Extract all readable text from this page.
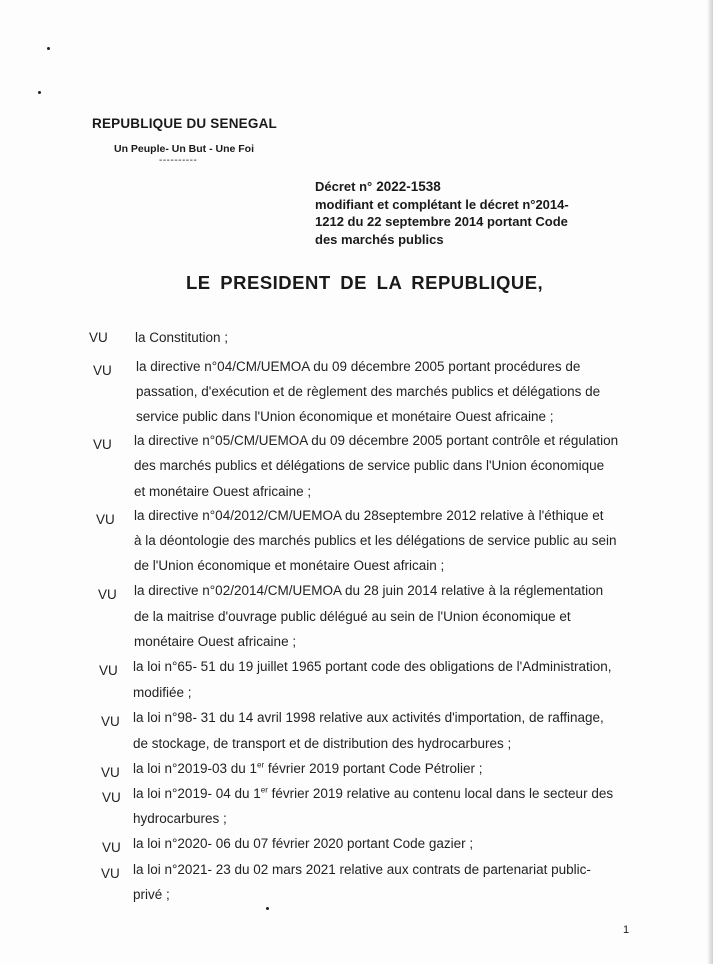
REPUBLIQUE DU SENEGAL
Un Peuple- Un But - Une Foi
----------
Décret n° 2022-1538
modifiant et complétant le décret n°2014-
1212 du 22 septembre 2014 portant Code
des marchés publics
LE PRESIDENT DE LA REPUBLIQUE,
VU la Constitution ;
VU la directive n°04/CM/UEMOA du 09 décembre 2005 portant procédures de
passation, d'exécution et de règlement des marchés publics et délégations de
service public dans l'Union économique et monétaire Ouest africaine ;
VU la directive n°05/CM/UEMOA du 09 décembre 2005 portant contrôle et régulation
des marchés publics et délégations de service public dans l'Union économique
et monétaire Ouest africaine ;
VU la directive n°04/2012/CM/UEMOA du 28septembre 2012 relative à l'éthique et
à la déontologie des marchés publics et les délégations de service public au sein
de l'Union économique et monétaire Ouest africain ;
VU la directive n°02/2014/CM/UEMOA du 28 juin 2014 relative à la réglementation
de la maitrise d'ouvrage public délégué au sein de l'Union économique et
monétaire Ouest africaine ;
VU la loi n°65- 51 du 19 juillet 1965 portant code des obligations de l'Administration,
modifiée ;
VU la loi n°98- 31 du 14 avril 1998 relative aux activités d'importation, de raffinage,
de stockage, de transport et de distribution des hydrocarbures ;
VU la loi n°2019-03 du 1er février 2019 portant Code Pétrolier ;
VU la loi n°2019- 04 du 1er février 2019 relative au contenu local dans le secteur des
hydrocarbures ;
VU la loi n°2020- 06 du 07 février 2020 portant Code gazier ;
VU la loi n°2021- 23 du 02 mars 2021 relative aux contrats de partenariat public-
privé ;
1
